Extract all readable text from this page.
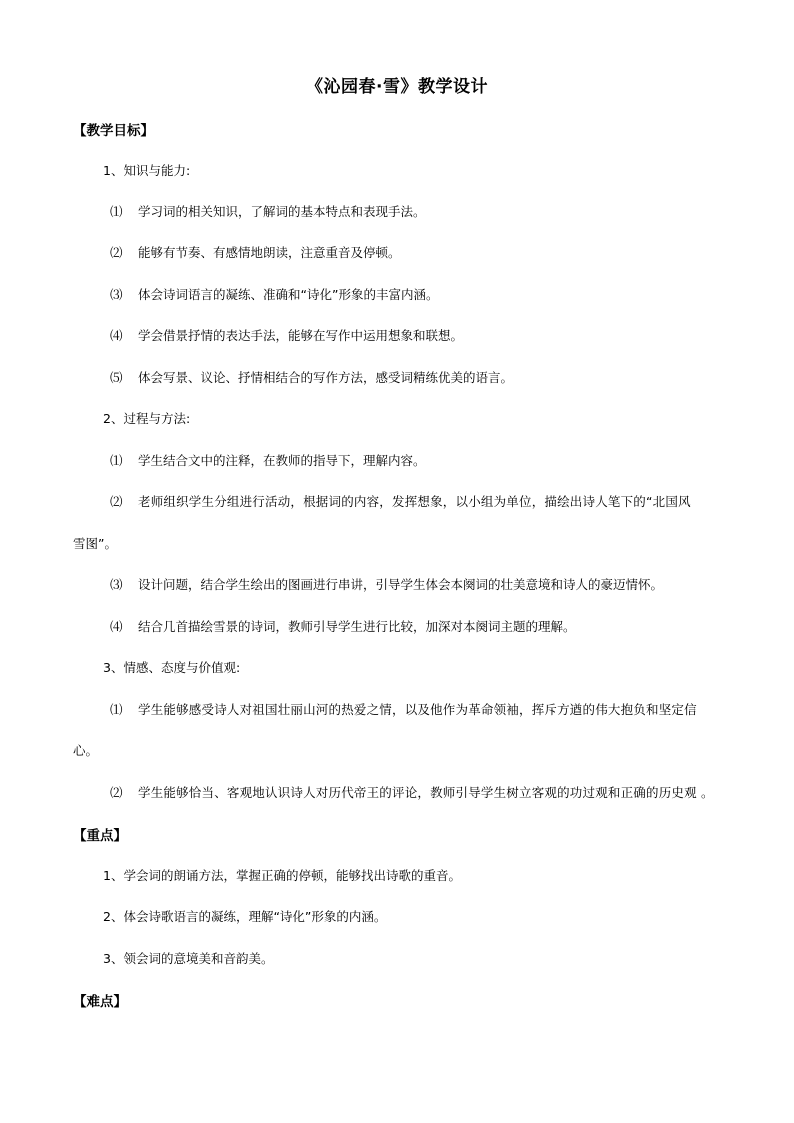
《沁园春·雪》教学设计
【教学目标】
1、知识与能力:
⑴ 学习词的相关知识，了解词的基本特点和表现手法。
⑵ 能够有节奏、有感情地朗读，注意重音及停顿。
⑶ 体会诗词语言的凝练、准确和“诗化”形象的丰富内涵。
⑷ 学会借景抒情的表达手法，能够在写作中运用想象和联想。
⑸ 体会写景、议论、抒情相结合的写作方法，感受词精练优美的语言。
2、过程与方法:
⑴ 学生结合文中的注释，在教师的指导下，理解内容。
⑵ 老师组织学生分组进行活动，根据词的内容，发挥想象，以小组为单位，描绘出诗人笔下的“北国风
雪图”。
⑶ 设计问题，结合学生绘出的图画进行串讲，引导学生体会本阕词的壮美意境和诗人的豪迈情怀。
⑷ 结合几首描绘雪景的诗词，教师引导学生进行比较，加深对本阕词主题的理解。
3、情感、态度与价值观:
⑴ 学生能够感受诗人对祖国壮丽山河的热爱之情，以及他作为革命领袖，挥斥方遒的伟大抱负和坚定信
心。
⑵ 学生能够恰当、客观地认识诗人对历代帝王的评论，教师引导学生树立客观的功过观和正确的历史观 。
【重点】
1、学会词的朗诵方法，掌握正确的停顿，能够找出诗歌的重音。
2、体会诗歌语言的凝练，理解“诗化”形象的内涵。
3、领会词的意境美和音韵美。
【难点】
